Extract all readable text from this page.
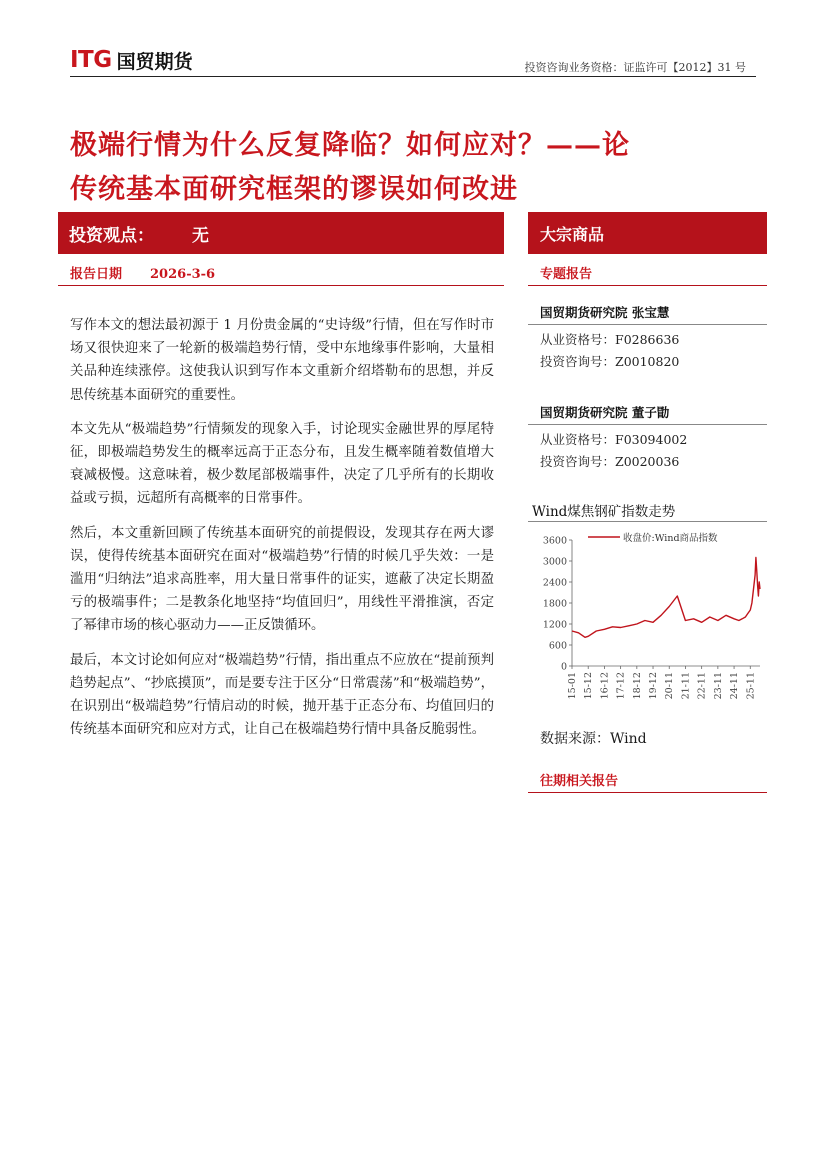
ITG 国贸期货	投资咨询业务资格：证监许可【2012】31 号
极端行情为什么反复降临？如何应对？——论
传统基本面研究框架的谬误如何改进
投资观点： 无
报告日期 2026-3-6

写作本文的想法最初源于 1 月份贵金属的“史诗级”行情，但在写作时市场又很快迎来了一轮新的极端趋势行情，受中东地缘事件影响，大量相关品种连续涨停。这使我认识到写作本文重新介绍塔勒布的思想，并反思传统基本面研究的重要性。

本文先从“极端趋势”行情频发的现象入手，讨论现实金融世界的厚尾特征，即极端趋势发生的概率远高于正态分布，且发生概率随着数值增大衰减极慢。这意味着，极少数尾部极端事件，决定了几乎所有的长期收益或亏损，远超所有高概率的日常事件。

然后，本文重新回顾了传统基本面研究的前提假设，发现其存在两大谬误，使得传统基本面研究在面对“极端趋势”行情的时候几乎失效：一是滥用“归纳法”追求高胜率，用大量日常事件的证实，遮蔽了决定长期盈亏的极端事件；二是教条化地坚持“均值回归”，用线性平滑推演，否定了幂律市场的核心驱动力——正反馈循环。

最后，本文讨论如何应对“极端趋势”行情，指出重点不应放在“提前预判趋势起点”、“抄底摸顶”，而是要专注于区分“日常震荡”和“极端趋势”，在识别出“极端趋势”行情启动的时候，抛开基于正态分布、均值回归的传统基本面研究和应对方式，让自己在极端趋势行情中具备反脆弱性。

大宗商品
专题报告
国贸期货研究院 张宝慧
从业资格号：F0286636
投资咨询号：Z0010820
国贸期货研究院 董子勖
从业资格号：F03094002
投资咨询号：Z0020036
Wind煤焦钢矿指数走势
0
600
1200
1800
2400
3000
3600
15-01 15-12 16-12 17-12 18-12 19-12 20-11 21-11 22-11 23-11 24-11 25-11
收盘价:Wind商品指数
数据来源：Wind
往期相关报告
